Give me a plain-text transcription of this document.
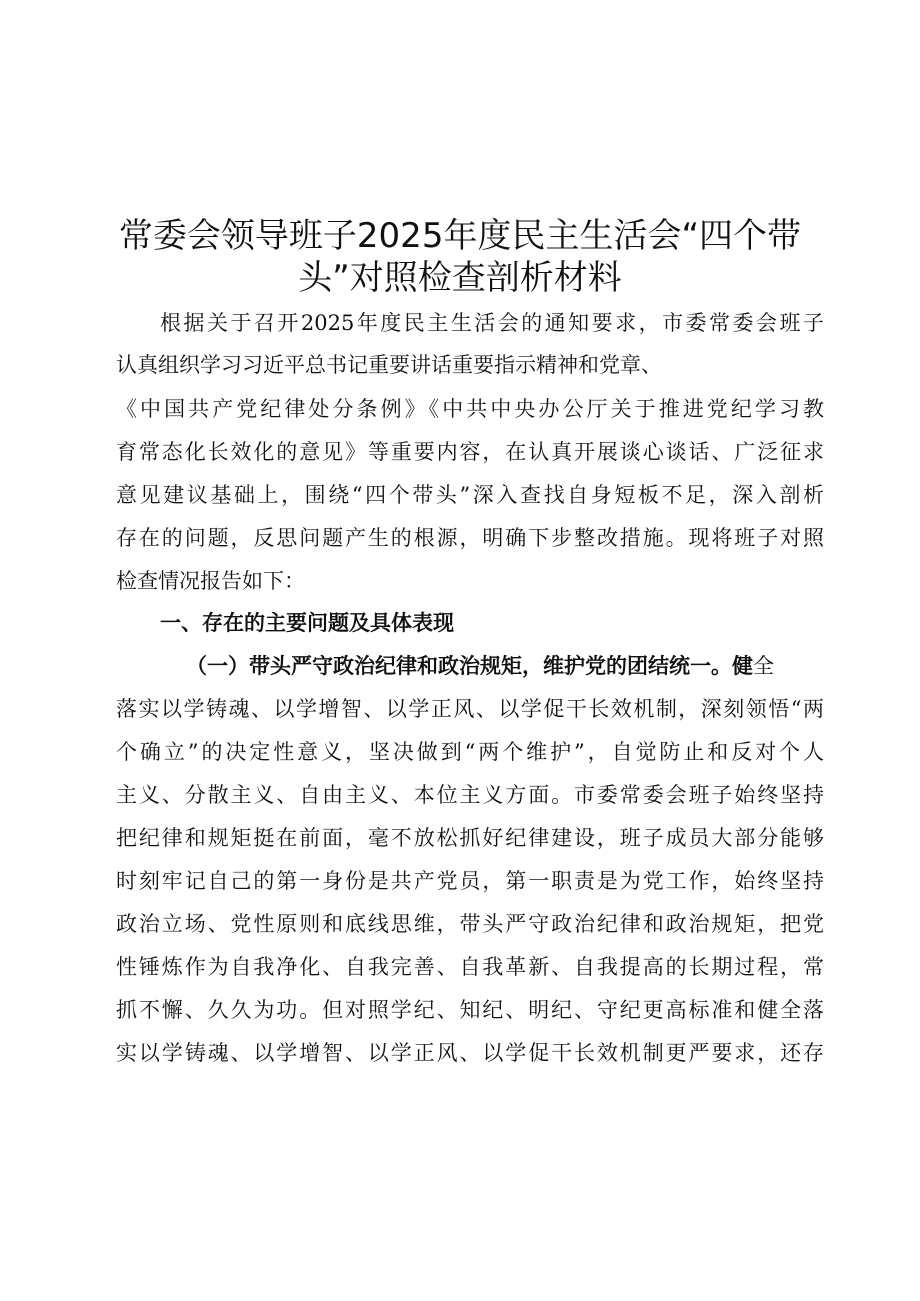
常委会领导班子2025年度民主生活会“四个带
头”对照检查剖析材料
根据关于召开2025年度民主生活会的通知要求，市委常委会班子
认真组织学习习近平总书记重要讲话重要指示精神和党章、
《中国共产党纪律处分条例》《中共中央办公厅关于推进党纪学习教
育常态化长效化的意见》等重要内容，在认真开展谈心谈话、广泛征求
意见建议基础上，围绕“四个带头”深入查找自身短板不足，深入剖析
存在的问题，反思问题产生的根源，明确下步整改措施。现将班子对照
检查情况报告如下：
一、存在的主要问题及具体表现
（一）带头严守政治纪律和政治规矩，维护党的团结统一。健全
落实以学铸魂、以学增智、以学正风、以学促干长效机制，深刻领悟“两
个确立”的决定性意义，坚决做到“两个维护”，自觉防止和反对个人
主义、分散主义、自由主义、本位主义方面。市委常委会班子始终坚持
把纪律和规矩挺在前面，毫不放松抓好纪律建设，班子成员大部分能够
时刻牢记自己的第一身份是共产党员，第一职责是为党工作，始终坚持
政治立场、党性原则和底线思维，带头严守政治纪律和政治规矩，把党
性锤炼作为自我净化、自我完善、自我革新、自我提高的长期过程，常
抓不懈、久久为功。但对照学纪、知纪、明纪、守纪更高标准和健全落
实以学铸魂、以学增智、以学正风、以学促干长效机制更严要求，还存
